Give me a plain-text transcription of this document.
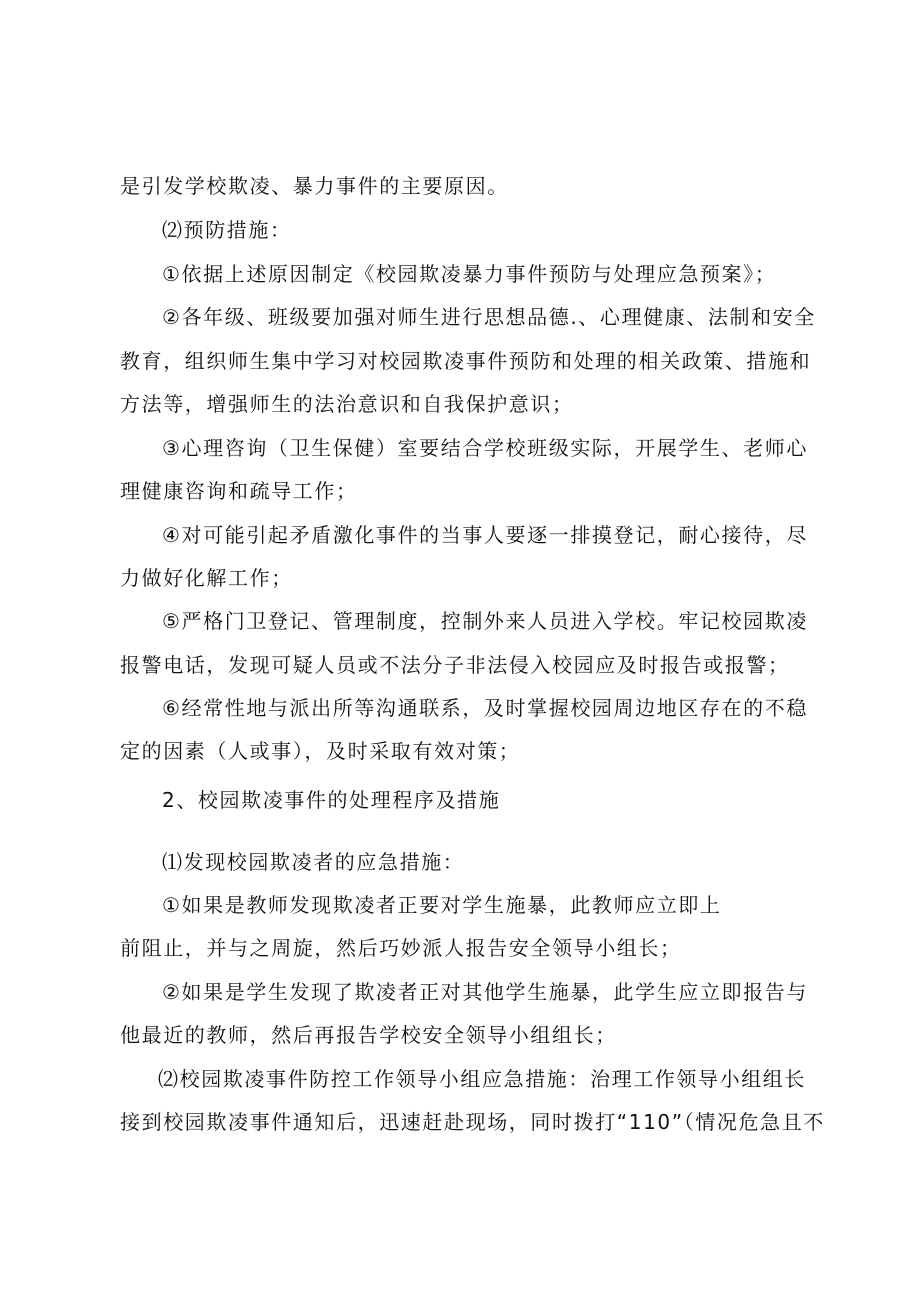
是引发学校欺凌、暴力事件的主要原因。
⑵预防措施：
①依据上述原因制定《校园欺凌暴力事件预防与处理应急预案》；
②各年级、班级要加强对师生进行思想品德.、心理健康、法制和安全
教育，组织师生集中学习对校园欺凌事件预防和处理的相关政策、措施和
方法等，增强师生的法治意识和自我保护意识；
③心理咨询（卫生保健）室要结合学校班级实际，开展学生、老师心
理健康咨询和疏导工作；
④对可能引起矛盾激化事件的当事人要逐一排摸登记，耐心接待，尽
力做好化解工作；
⑤严格门卫登记、管理制度，控制外来人员进入学校。牢记校园欺凌
报警电话，发现可疑人员或不法分子非法侵入校园应及时报告或报警；
⑥经常性地与派出所等沟通联系，及时掌握校园周边地区存在的不稳
定的因素（人或事），及时采取有效对策；
2、校园欺凌事件的处理程序及措施
⑴发现校园欺凌者的应急措施：
①如果是教师发现欺凌者正要对学生施暴，此教师应立即上
前阻止，并与之周旋，然后巧妙派人报告安全领导小组长；
②如果是学生发现了欺凌者正对其他学生施暴，此学生应立即报告与
他最近的教师，然后再报告学校安全领导小组组长；
⑵校园欺凌事件防控工作领导小组应急措施：治理工作领导小组组长
接到校园欺凌事件通知后，迅速赶赴现场，同时拨打“110”（情况危急且不
